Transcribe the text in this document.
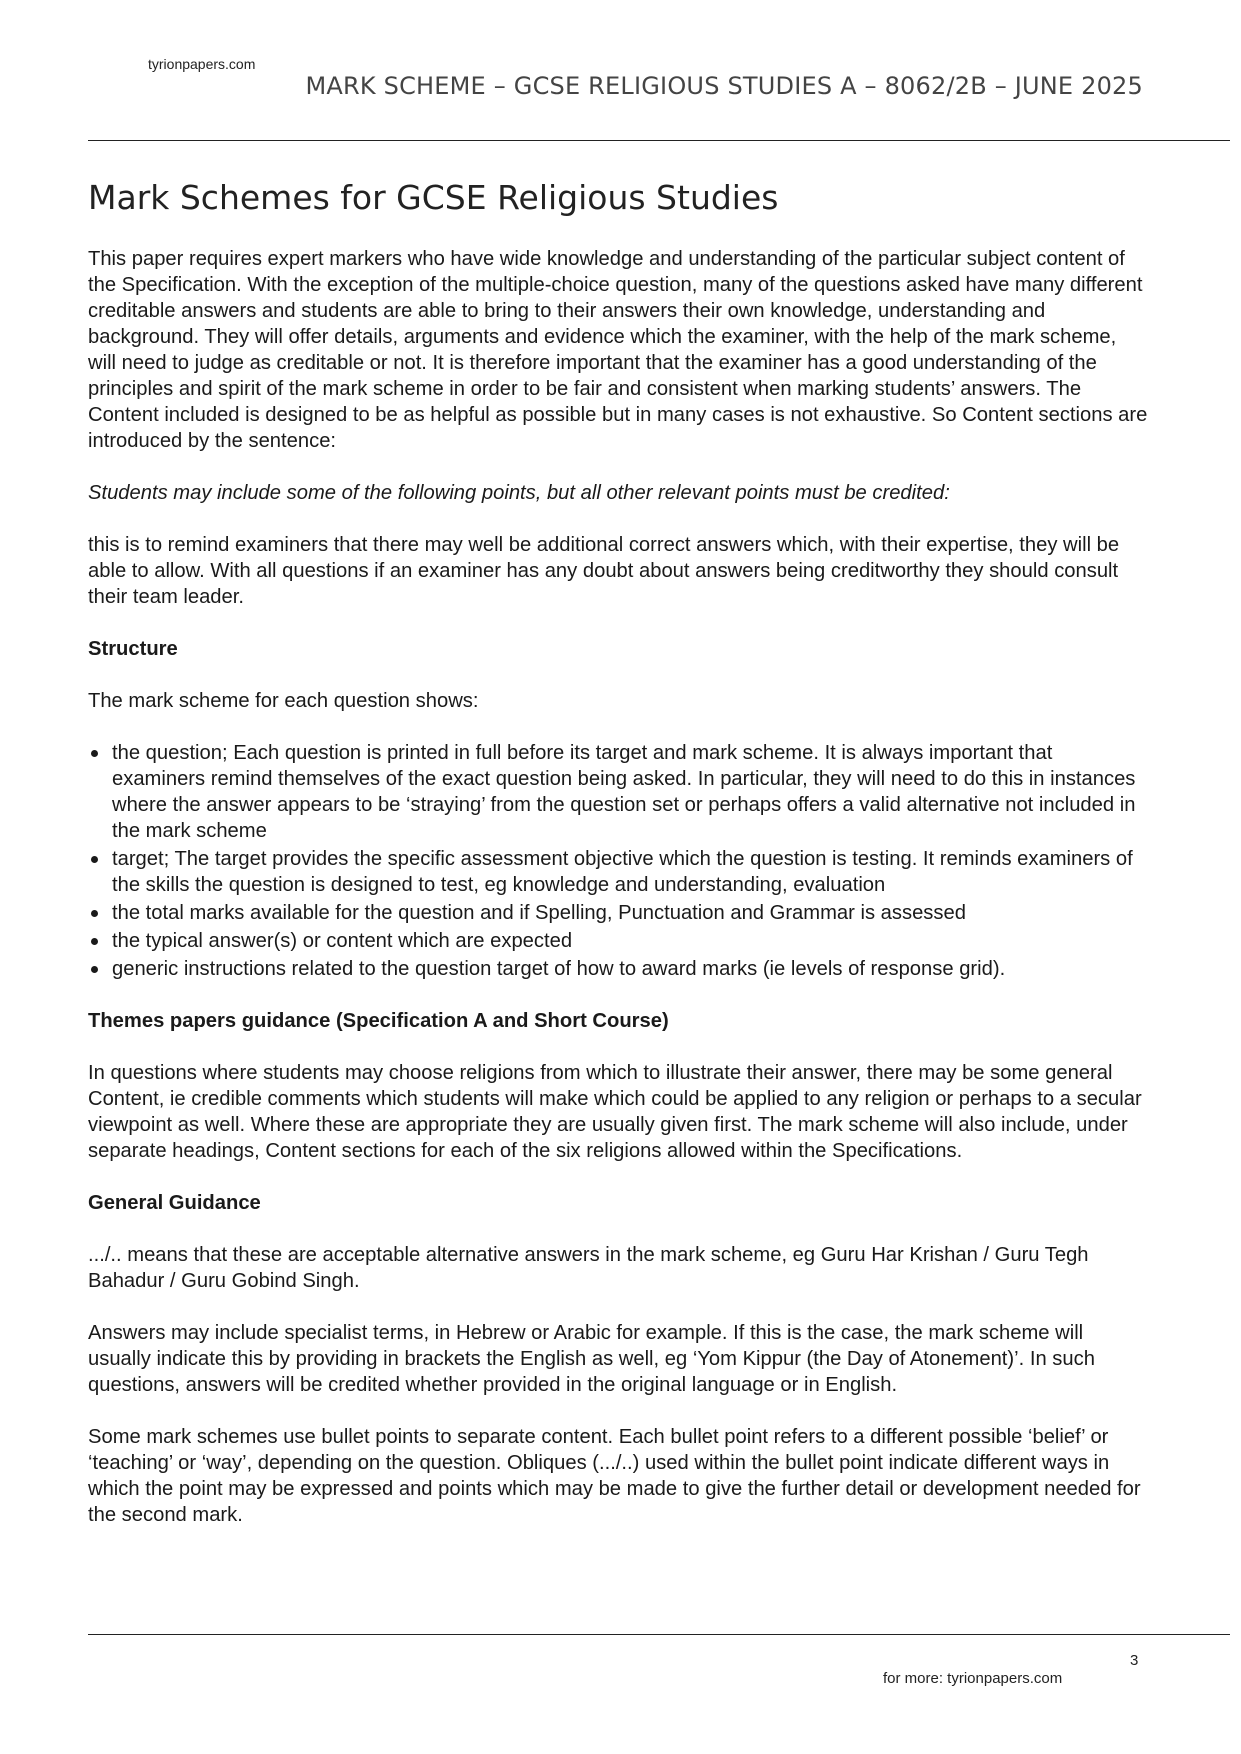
tyrionpapers.com
MARK SCHEME – GCSE RELIGIOUS STUDIES A – 8062/2B – JUNE 2025
Mark Schemes for GCSE Religious Studies

This paper requires expert markers who have wide knowledge and understanding of the particular subject content of the Specification. With the exception of the multiple-choice question, many of the questions asked have many different creditable answers and students are able to bring to their answers their own knowledge, understanding and background. They will offer details, arguments and evidence which the examiner, with the help of the mark scheme, will need to judge as creditable or not. It is therefore important that the examiner has a good understanding of the principles and spirit of the mark scheme in order to be fair and consistent when marking students’ answers. The Content included is designed to be as helpful as possible but in many cases is not exhaustive. So Content sections are introduced by the sentence:

Students may include some of the following points, but all other relevant points must be credited:

this is to remind examiners that there may well be additional correct answers which, with their expertise, they will be able to allow. With all questions if an examiner has any doubt about answers being creditworthy they should consult their team leader.

Structure

The mark scheme for each question shows:

the question; Each question is printed in full before its target and mark scheme. It is always important that examiners remind themselves of the exact question being asked. In particular, they will need to do this in instances where the answer appears to be ‘straying’ from the question set or perhaps offers a valid alternative not included in the mark scheme
target; The target provides the specific assessment objective which the question is testing. It reminds examiners of the skills the question is designed to test, eg knowledge and understanding, evaluation
the total marks available for the question and if Spelling, Punctuation and Grammar is assessed
the typical answer(s) or content which are expected
generic instructions related to the question target of how to award marks (ie levels of response grid).
Themes papers guidance (Specification A and Short Course)

In questions where students may choose religions from which to illustrate their answer, there may be some general Content, ie credible comments which students will make which could be applied to any religion or perhaps to a secular viewpoint as well. Where these are appropriate they are usually given first. The mark scheme will also include, under separate headings, Content sections for each of the six religions allowed within the Specifications.

General Guidance

.../.. means that these are acceptable alternative answers in the mark scheme, eg Guru Har Krishan / Guru Tegh Bahadur / Guru Gobind Singh.

Answers may include specialist terms, in Hebrew or Arabic for example. If this is the case, the mark scheme will usually indicate this by providing in brackets the English as well, eg ‘Yom Kippur (the Day of Atonement)’. In such questions, answers will be credited whether provided in the original language or in English.

Some mark schemes use bullet points to separate content. Each bullet point refers to a different possible ‘belief’ or ‘teaching’ or ‘way’, depending on the question. Obliques (.../..) used within the bullet point indicate different ways in which the point may be expressed and points which may be made to give the further detail or development needed for the second mark.

3
for more: tyrionpapers.com
